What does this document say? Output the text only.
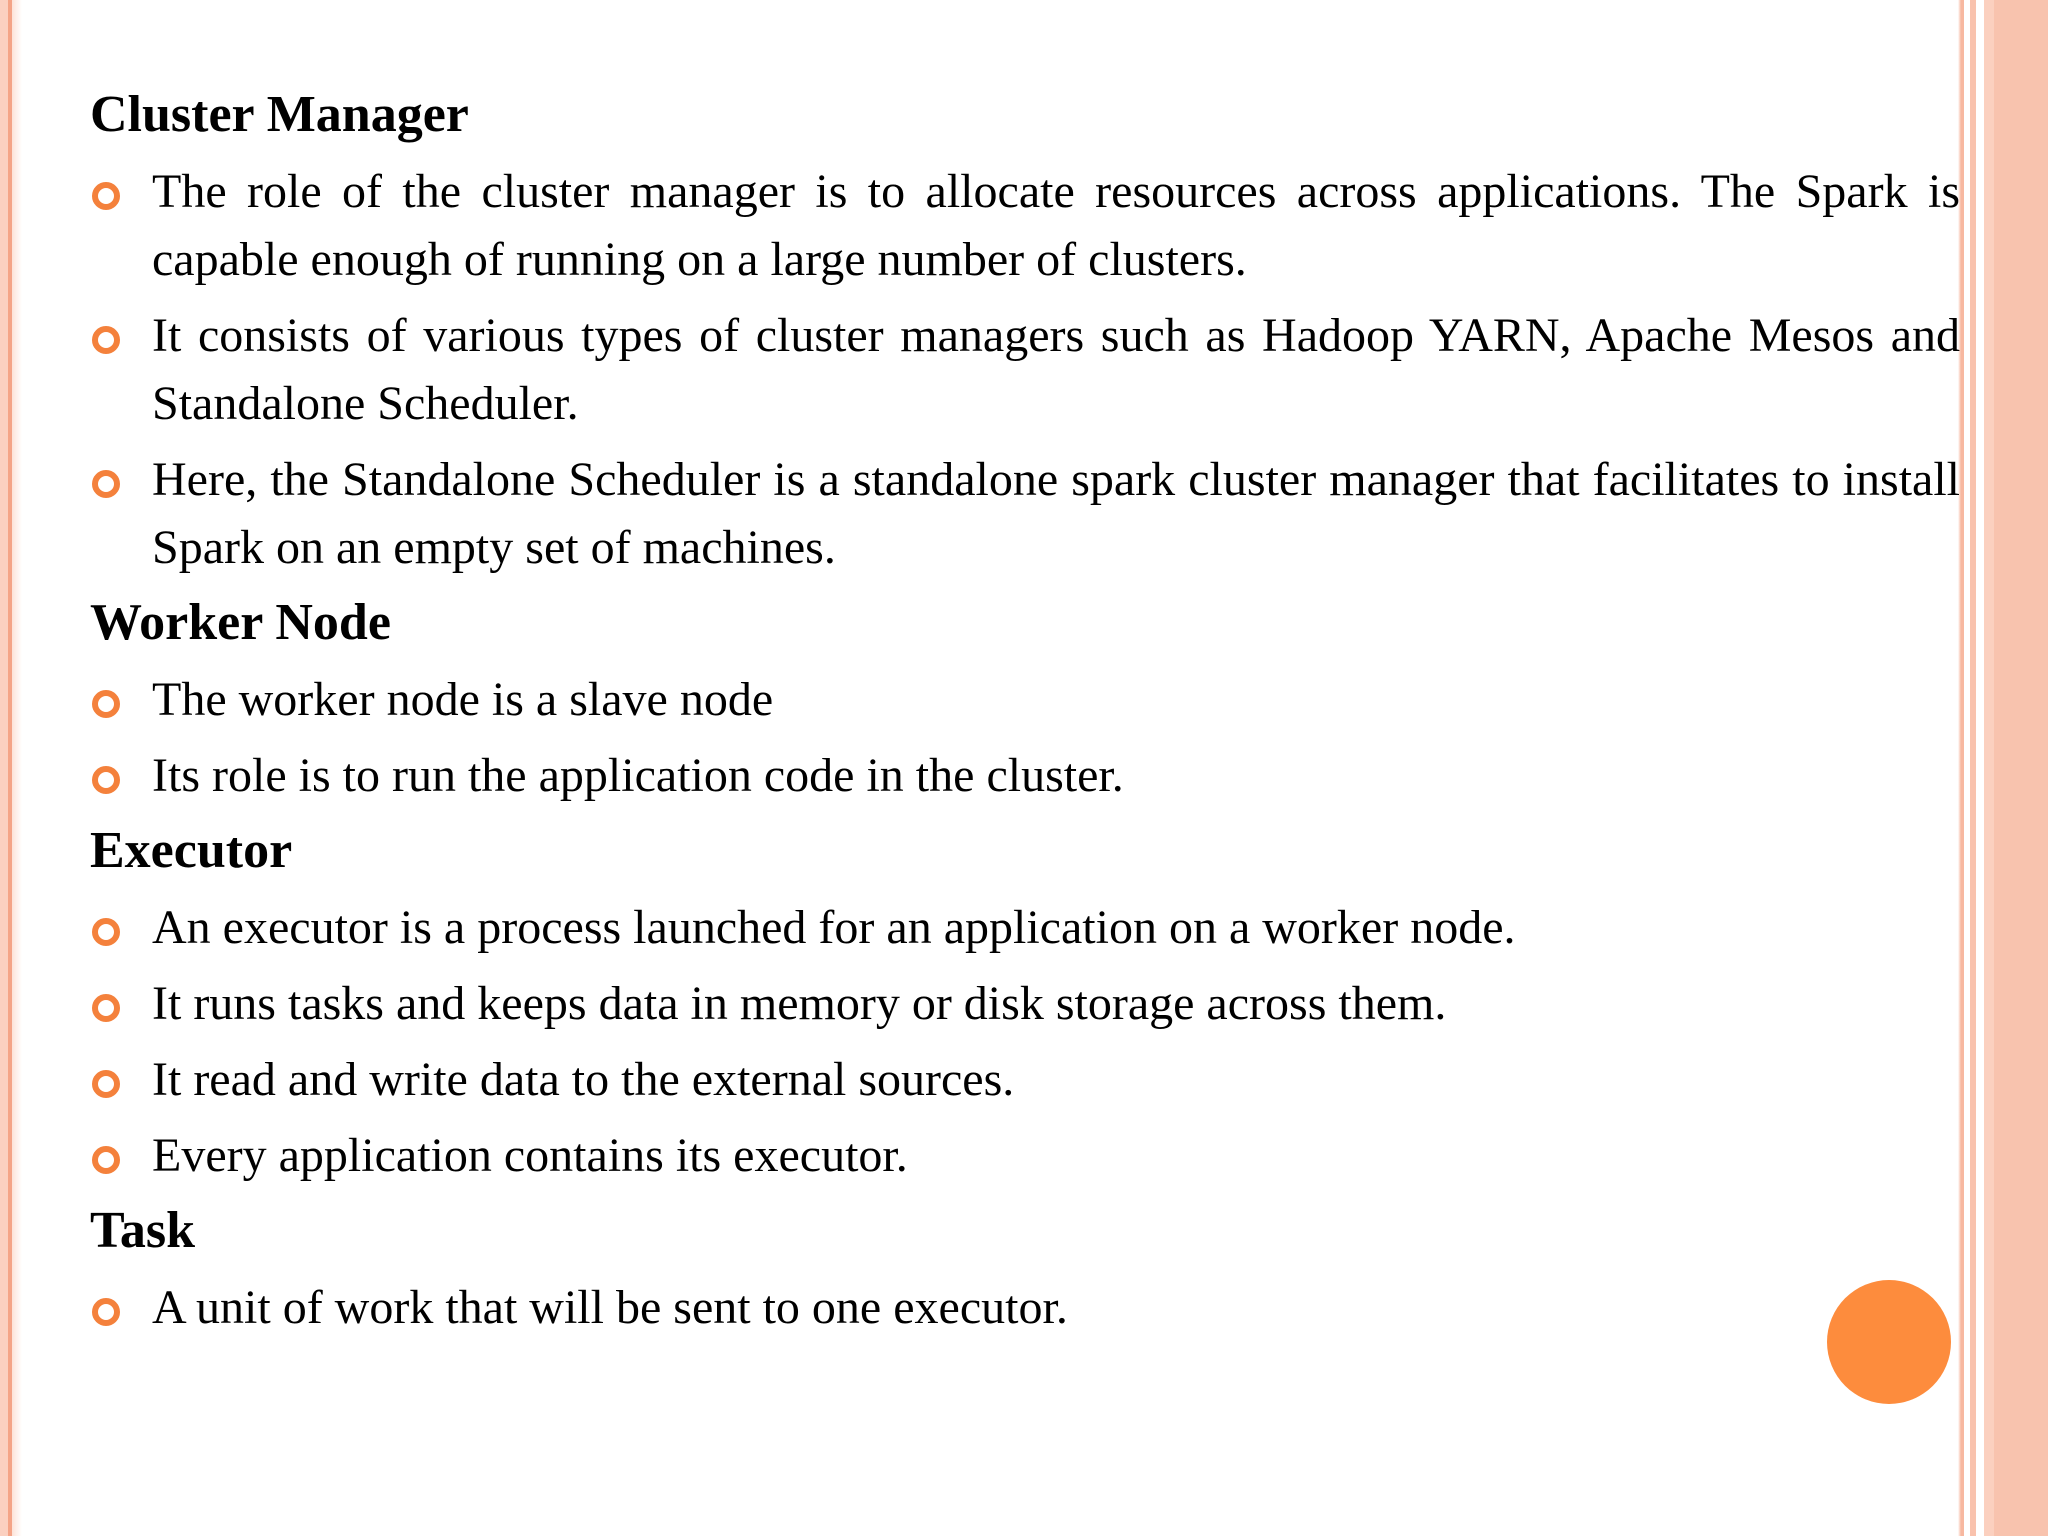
Cluster Manager
The role of the cluster manager is to allocate resources across applications. The Spark is capable enough of running on a large number of clusters.
It consists of various types of cluster managers such as Hadoop YARN, Apache Mesos and Standalone Scheduler.
Here, the Standalone Scheduler is a standalone spark cluster manager that facilitates to install Spark on an empty set of machines.
Worker Node
The worker node is a slave node
Its role is to run the application code in the cluster.
Executor
An executor is a process launched for an application on a worker node.
It runs tasks and keeps data in memory or disk storage across them.
It read and write data to the external sources.
Every application contains its executor.
Task
A unit of work that will be sent to one executor.
